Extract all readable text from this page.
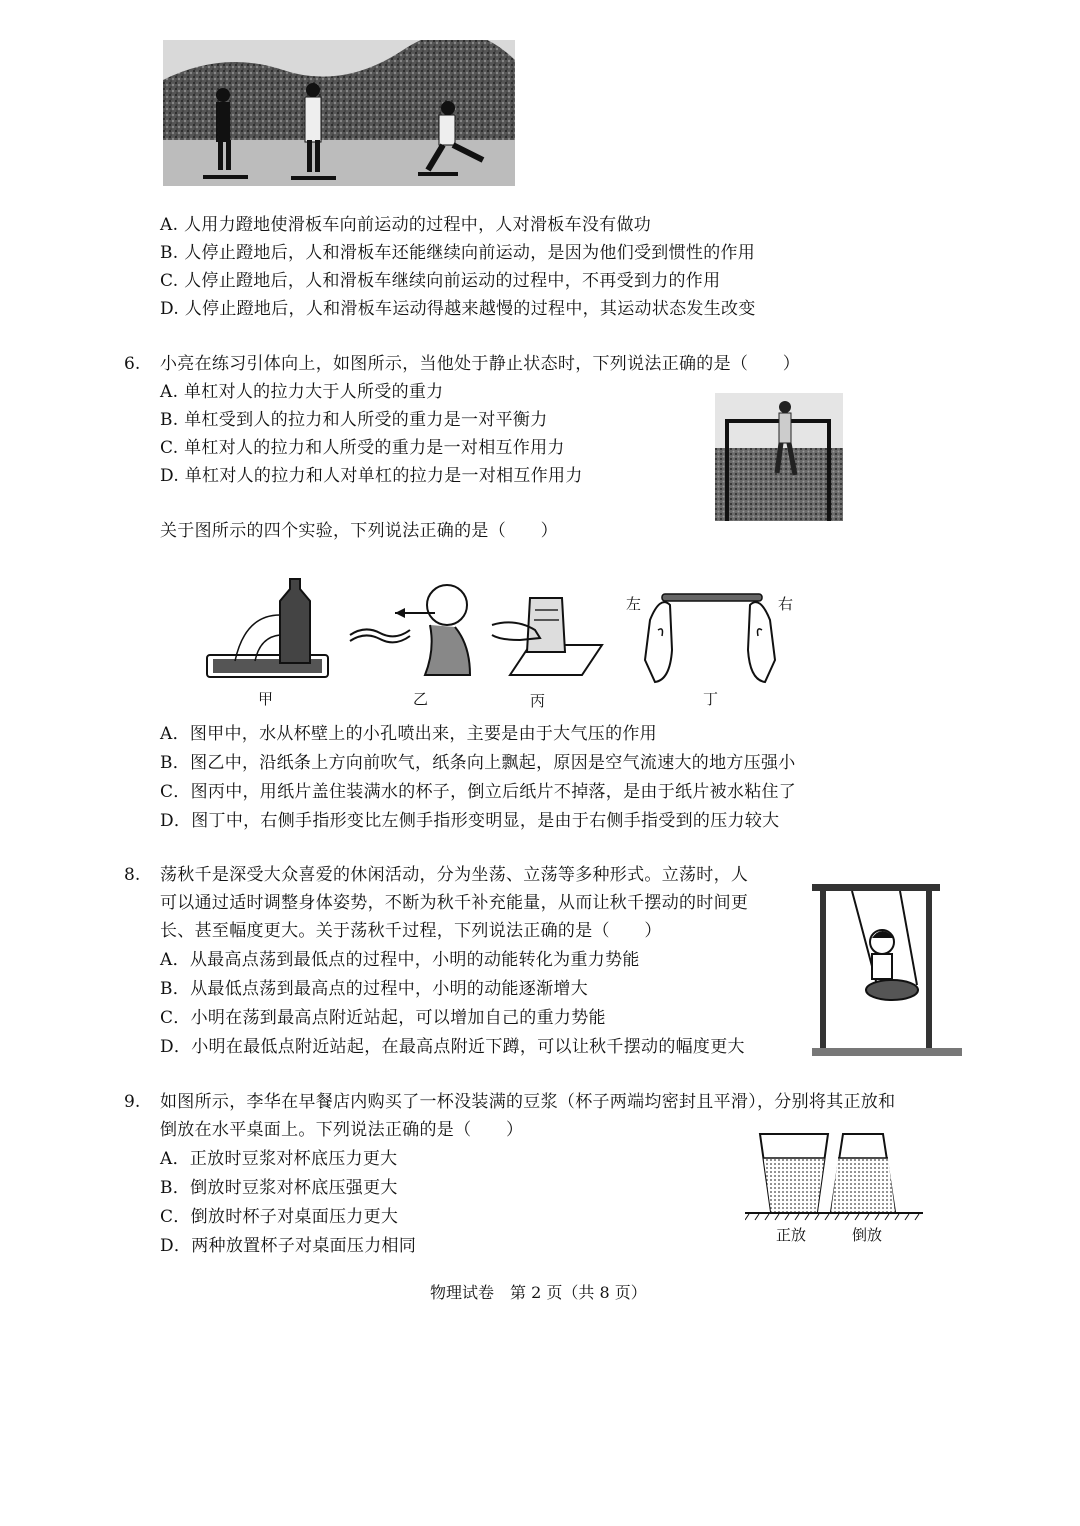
A. 人用力蹬地使滑板车向前运动的过程中，人对滑板车没有做功
B. 人停止蹬地后，人和滑板车还能继续向前运动，是因为他们受到惯性的作用
C. 人停止蹬地后，人和滑板车继续向前运动的过程中，不再受到力的作用
D. 人停止蹬地后，人和滑板车运动得越来越慢的过程中，其运动状态发生改变
6. 小亮在练习引体向上，如图所示，当他处于静止状态时，下列说法正确的是（　　）
A. 单杠对人的拉力大于人所受的重力
B. 单杠受到人的拉力和人所受的重力是一对平衡力
C. 单杠对人的拉力和人所受的重力是一对相互作用力
D. 单杠对人的拉力和人对单杠的拉力是一对相互作用力
关于图所示的四个实验，下列说法正确的是（　　）
甲	乙	丙
左	右
丁
A．图甲中，水从杯壁上的小孔喷出来，主要是由于大气压的作用
B．图乙中，沿纸条上方向前吹气，纸条向上飘起，原因是空气流速大的地方压强小
C．图丙中，用纸片盖住装满水的杯子，倒立后纸片不掉落，是由于纸片被水粘住了
D．图丁中，右侧手指形变比左侧手指形变明显，是由于右侧手指受到的压力较大
8. 荡秋千是深受大众喜爱的休闲活动，分为坐荡、立荡等多种形式。立荡时，人
可以通过适时调整身体姿势，不断为秋千补充能量，从而让秋千摆动的时间更
长、甚至幅度更大。关于荡秋千过程，下列说法正确的是（　　）
A．从最高点荡到最低点的过程中，小明的动能转化为重力势能
B．从最低点荡到最高点的过程中，小明的动能逐渐增大
C．小明在荡到最高点附近站起，可以增加自己的重力势能
D．小明在最低点附近站起，在最高点附近下蹲，可以让秋千摆动的幅度更大
9. 如图所示，李华在早餐店内购买了一杯没装满的豆浆（杯子两端均密封且平滑），分别将其正放和
倒放在水平桌面上。下列说法正确的是（　　）
A．正放时豆浆对杯底压力更大
B．倒放时豆浆对杯底压强更大
C．倒放时杯子对桌面压力更大
D．两种放置杯子对桌面压力相同
正放	倒放
物理试卷　第 2 页（共 8 页）
